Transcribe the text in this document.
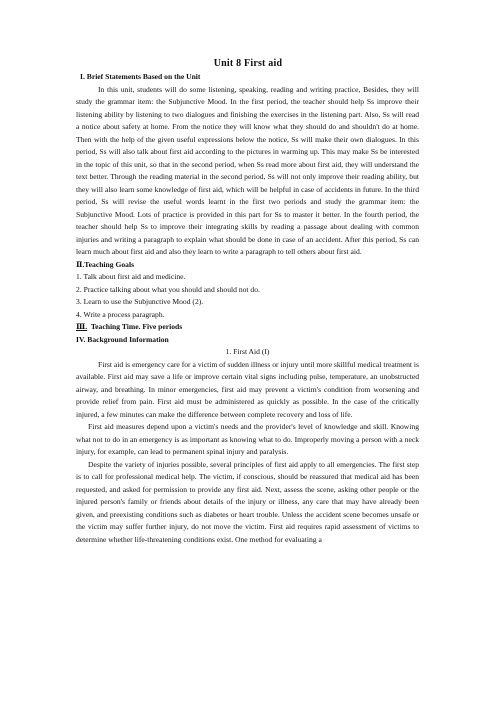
Unit 8 First aid

I. Brief Statements Based on the Unit

In this unit, students will do some listening, speaking, reading and writing practice, Besides, they will study the grammar item: the Subjunctive Mood. In the first period, the teacher should help Ss improve their listening ability by listening to two dialogues and finishing the exercises in the listening part. Also, Ss will read a notice about safety at home. From the notice they will know what they should do and shouldn't do at home. Then with the help of the given useful expressions below the notice, Ss will make their own dialogues. In this period, Ss will also talk about first aid according to the pictures in warming up. This may make Ss be interested in the topic of this unit, so that in the second period, when Ss read more about first aid, they will understand the text better. Through the reading material in the second period, Ss will not only improve their reading ability, but they will also learn some knowledge of first aid, which will be helpful in case of accidents in future. In the third period, Ss will revise the useful words learnt in the first two periods and study the grammar item: the Subjunctive Mood. Lots of practice is provided in this part for Ss to master it better. In the fourth period, the teacher should help Ss to improve their integrating skills by reading a passage about dealing with common injuries and writing a paragraph to explain what should be done in case of an accident. After this period, Ss can learn much about first aid and also they learn to write a paragraph to tell others about first aid.

Ⅱ.Teaching Goals

1. Talk about first aid and medicine.

2. Practice talking about what you should and should not do.

3. Learn to use the Subjunctive Mood (2).

4. Write a process paragraph.

Ⅲ.  Teaching Time. Five periods

IV. Background Information

1. First Aid (I)

First aid is emergency care for a victim of sudden illness or injury until more skillful medical treatment is available. First aid may save a life or improve certain vital signs including pulse, temperature, an unobstructed airway, and breathing. In minor emergencies, first aid may prevent a victim's condition from worsening and provide relief from pain. First aid must be administered as quickly as possible. In the case of the critically injured, a few minutes can make the difference between complete recovery and loss of life.

First aid measures depend upon a victim's needs and the provider's level of knowledge and skill. Knowing what not to do in an emergency is as important as knowing what to do. Improperly moving a person with a neck injury, for example, can lead to permanent spinal injury and paralysis.

Despite the variety of injuries possible, several principles of first aid apply to all emergencies. The first step is to call for professional medical help. The victim, if conscious, should be reassured that medical aid has been requested, and asked for permission to provide any first aid. Next, assess the scene, asking other people or the injured person's family or friends about details of the injury or illness, any care that may have already been given, and preexisting conditions such as diabetes or heart trouble. Unless the accident scene becomes unsafe or the victim may suffer further injury, do not move the victim. First aid requires rapid assessment of victims to determine whether life-threatening conditions exist. One method for evaluating a
